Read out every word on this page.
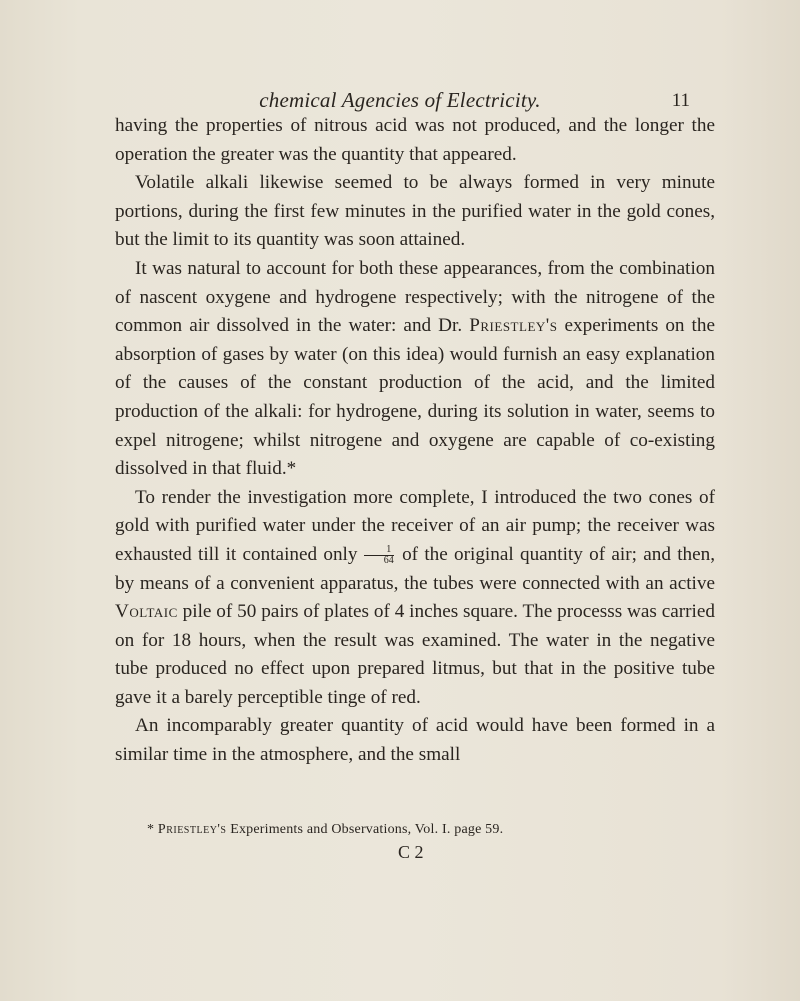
chemical Agencies of Electricity.	11

having the properties of nitrous acid was not produced, and the longer the operation the greater was the quantity that appeared.

Volatile alkali likewise seemed to be always formed in very minute portions, during the first few minutes in the purified water in the gold cones, but the limit to its quantity was soon attained.

It was natural to account for both these appearances, from the combination of nascent oxygene and hydrogene respectively; with the nitrogene of the common air dissolved in the water: and Dr. Priestley's experiments on the absorption of gases by water (on this idea) would furnish an easy explanation of the causes of the constant production of the acid, and the limited production of the alkali: for hydrogene, during its solution in water, seems to expel nitrogene; whilst nitrogene and oxygene are capable of co-existing dissolved in that fluid.*

To render the investigation more complete, I introduced the two cones of gold with purified water under the receiver of an air pump; the receiver was exhausted till it contained only $\frac{1}{64}$ of the original quantity of air; and then, by means of a convenient apparatus, the tubes were connected with an active Voltaic pile of 50 pairs of plates of 4 inches square. The processs was carried on for 18 hours, when the result was examined. The water in the negative tube produced no effect upon prepared litmus, but that in the positive tube gave it a barely perceptible tinge of red.

An incomparably greater quantity of acid would have been formed in a similar time in the atmosphere, and the small

* Priestley's Experiments and Observations, Vol. I. page 59.
C 2
